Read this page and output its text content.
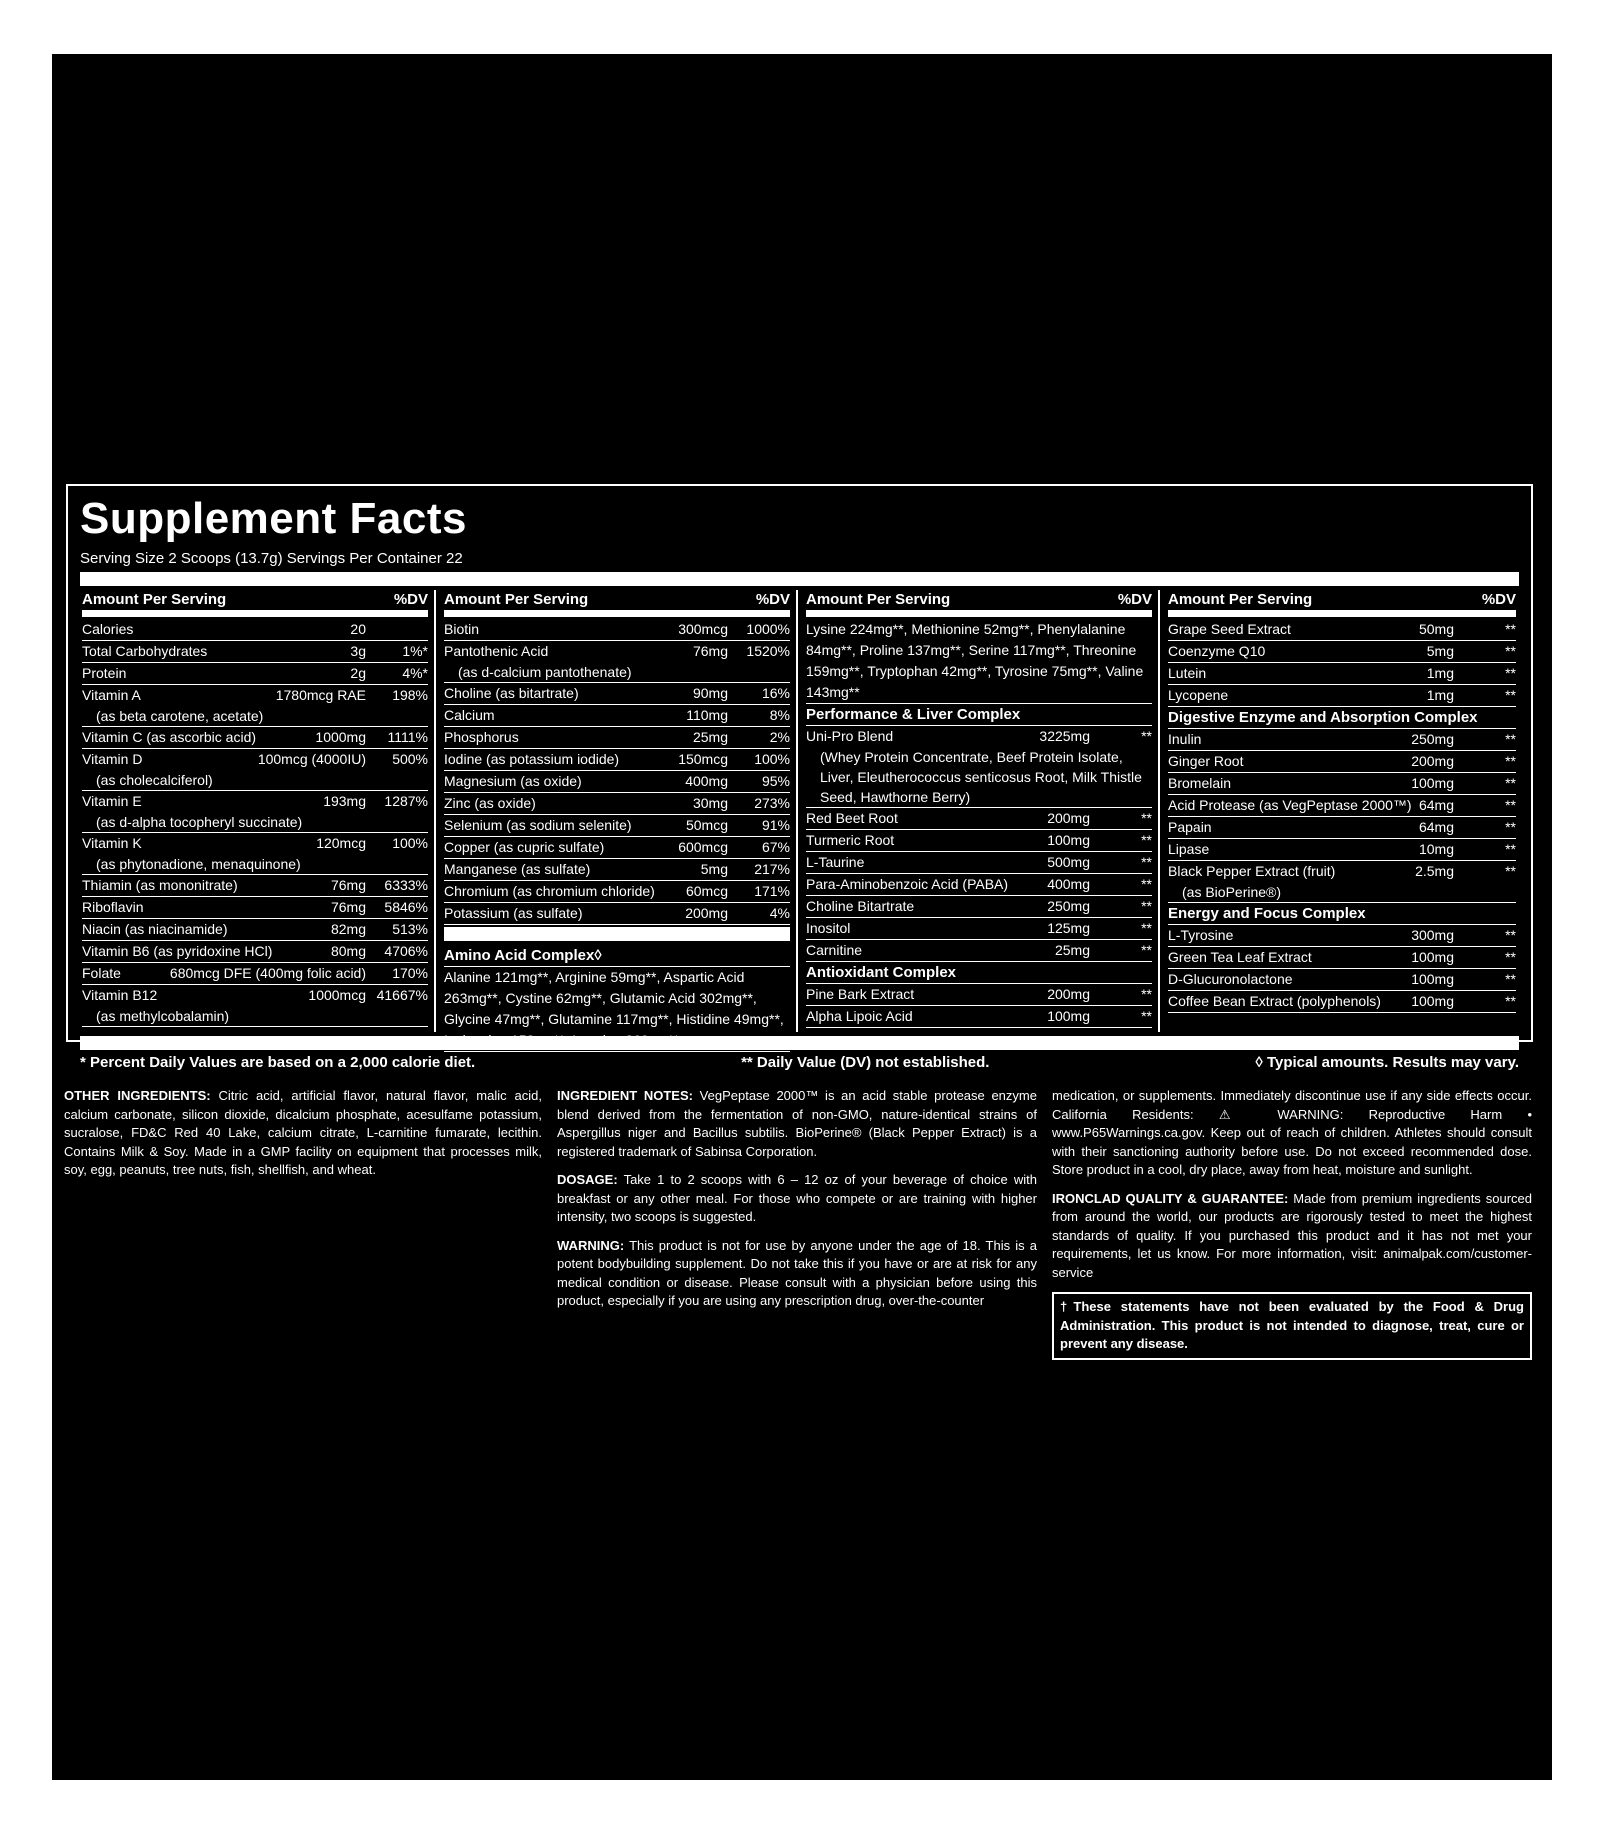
Supplement Facts
Serving Size 2 Scoops (13.7g) Servings Per Container 22
Amount Per Serving	%DV
Calories	20
Total Carbohydrates	3g	1%*
Protein	2g	4%*
Vitamin A	1780mcg RAE	198%
(as beta carotene, acetate)
Vitamin C (as ascorbic acid)	1000mg	1111%
Vitamin D	100mcg (4000IU)	500%
(as cholecalciferol)
Vitamin E	193mg	1287%
(as d-alpha tocopheryl succinate)
Vitamin K	120mcg	100%
(as phytonadione, menaquinone)
Thiamin (as mononitrate)	76mg	6333%
Riboflavin	76mg	5846%
Niacin (as niacinamide)	82mg	513%
Vitamin B6 (as pyridoxine HCl)	80mg	4706%
Folate	680mcg DFE (400mg folic acid)	170%
Vitamin B12	1000mcg 41667%
(as methylcobalamin)
Amount Per Serving	%DV
Biotin	300mcg	1000%
Pantothenic Acid	76mg	1520%
(as d-calcium pantothenate)
Choline (as bitartrate)	90mg	16%
Calcium	110mg	8%
Phosphorus	25mg	2%
Iodine (as potassium iodide)	150mcg	100%
Magnesium (as oxide)	400mg	95%
Zinc (as oxide)	30mg	273%
Selenium (as sodium selenite)	50mcg	91%
Copper (as cupric sulfate)	600mcg	67%
Manganese (as sulfate)	5mg	217%
Chromium (as chromium chloride)	60mcg	171%
Potassium (as sulfate)	200mg	4%
Amino Acid Complex◊
Alanine 121mg**, Arginine 59mg**, Aspartic Acid 263mg**, Cystine 62mg**, Glutamic Acid 302mg**, Glycine 47mg**, Glutamine 117mg**, Histidine 49mg**,
Amount Per Serving	%DV
Lysine 224mg**, Methionine 52mg**, Phenylalanine 84mg**, Proline 137mg**, Serine 117mg**, Threonine 159mg**, Tryptophan 42mg**, Tyrosine 75mg**, Valine 143mg**
Performance & Liver Complex
Uni-Pro Blend	3225mg	**
(Whey Protein Concentrate, Beef Protein Isolate, Liver, Eleutherococcus senticosus Root, Milk Thistle Seed, Hawthorne Berry)
Red Beet Root	200mg	**
Turmeric Root	100mg	**
L-Taurine	500mg	**
Para-Aminobenzoic Acid (PABA)	400mg	**
Choline Bitartrate	250mg	**
Inositol	125mg	**
Carnitine	25mg	**
Antioxidant Complex
Pine Bark Extract	200mg	**
Alpha Lipoic Acid	100mg	**
Amount Per Serving	%DV
Grape Seed Extract	50mg	**
Coenzyme Q10	5mg	**
Lutein	1mg	**
Lycopene	1mg	**
Digestive Enzyme and Absorption Complex
Inulin	250mg	**
Ginger Root	200mg	**
Bromelain	100mg	**
Acid Protease (as VegPeptase 2000™) 64mg	**
Papain	64mg	**
Lipase	10mg	**
Black Pepper Extract (fruit)	2.5mg	**
(as BioPerine®)
Energy and Focus Complex
L-Tyrosine	300mg	**
Green Tea Leaf Extract	100mg	**
D-Glucuronolactone	100mg	**
Coffee Bean Extract (polyphenols)	100mg	**
* Percent Daily Values are based on a 2,000 calorie diet.	** Daily Value (DV) not established.	◊ Typical amounts. Results may vary.

OTHER INGREDIENTS: Citric acid, artificial flavor, natural flavor, malic acid, calcium carbonate, silicon dioxide, dicalcium phosphate, acesulfame potassium, sucralose, FD&C Red 40 Lake, calcium citrate, L-carnitine fumarate, lecithin. Contains Milk & Soy. Made in a GMP facility on equipment that processes milk, soy, egg, peanuts, tree nuts, fish, shellfish, and wheat.

INGREDIENT NOTES: VegPeptase 2000™ is an acid stable protease enzyme blend derived from the fermentation of non-GMO, nature-identical strains of Aspergillus niger and Bacillus subtilis. BioPerine® (Black Pepper Extract) is a registered trademark of Sabinsa Corporation.

DOSAGE: Take 1 to 2 scoops with 6 – 12 oz of your beverage of choice with breakfast or any other meal. For those who compete or are training with higher intensity, two scoops is suggested.

WARNING: This product is not for use by anyone under the age of 18. This is a potent bodybuilding supplement. Do not take this if you have or are at risk for any medical condition or disease. Please consult with a physician before using this product, especially if you are using any prescription drug, over-the-counter

medication, or supplements. Immediately discontinue use if any side effects occur. California Residents: ⚠ WARNING: Reproductive Harm • www.P65Warnings.ca.gov. Keep out of reach of children. Athletes should consult with their sanctioning authority before use. Do not exceed recommended dose. Store product in a cool, dry place, away from heat, moisture and sunlight.

IRONCLAD QUALITY & GUARANTEE: Made from premium ingredients sourced from around the world, our products are rigorously tested to meet the highest standards of quality. If you purchased this product and it has not met your requirements, let us know. For more information, visit: animalpak.com/customer-service

†These statements have not been evaluated by the Food & Drug Administration. This product is not intended to diagnose, treat, cure or prevent any disease.
